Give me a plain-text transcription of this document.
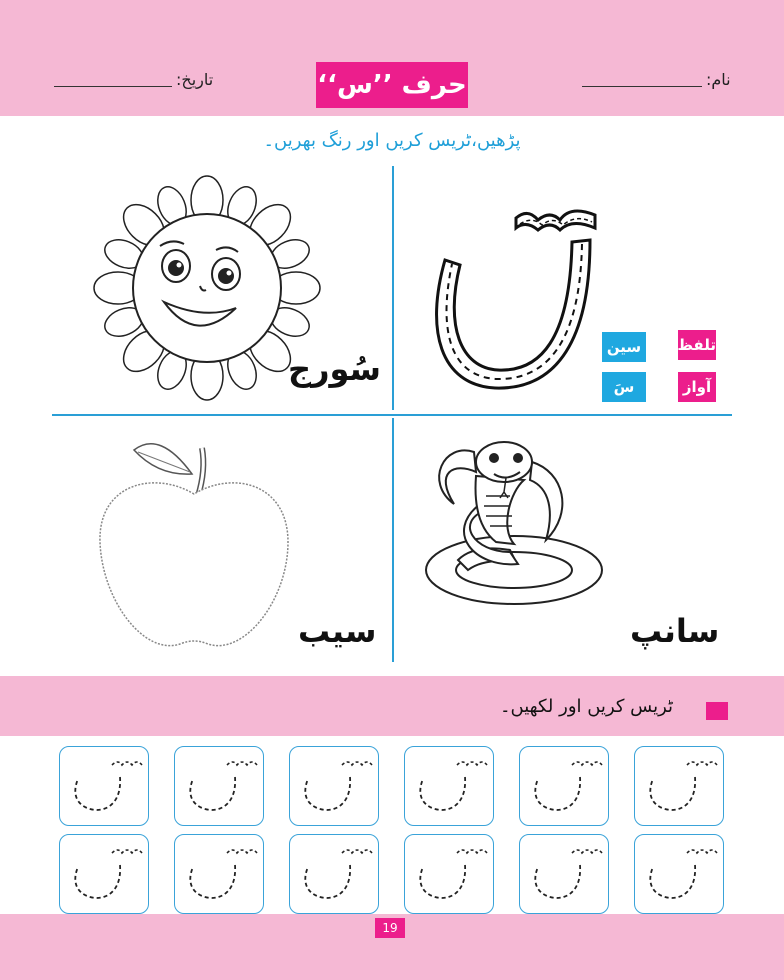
نام:
تاریخ:	حرف ’’س‘‘
پڑھیں،ٹریس کریں اور رنگ بھریں۔
تلفظ
سین
آواز
سَ
سُورج
سیب	سانپ
ٹریس کریں اور لکھیں۔
19
